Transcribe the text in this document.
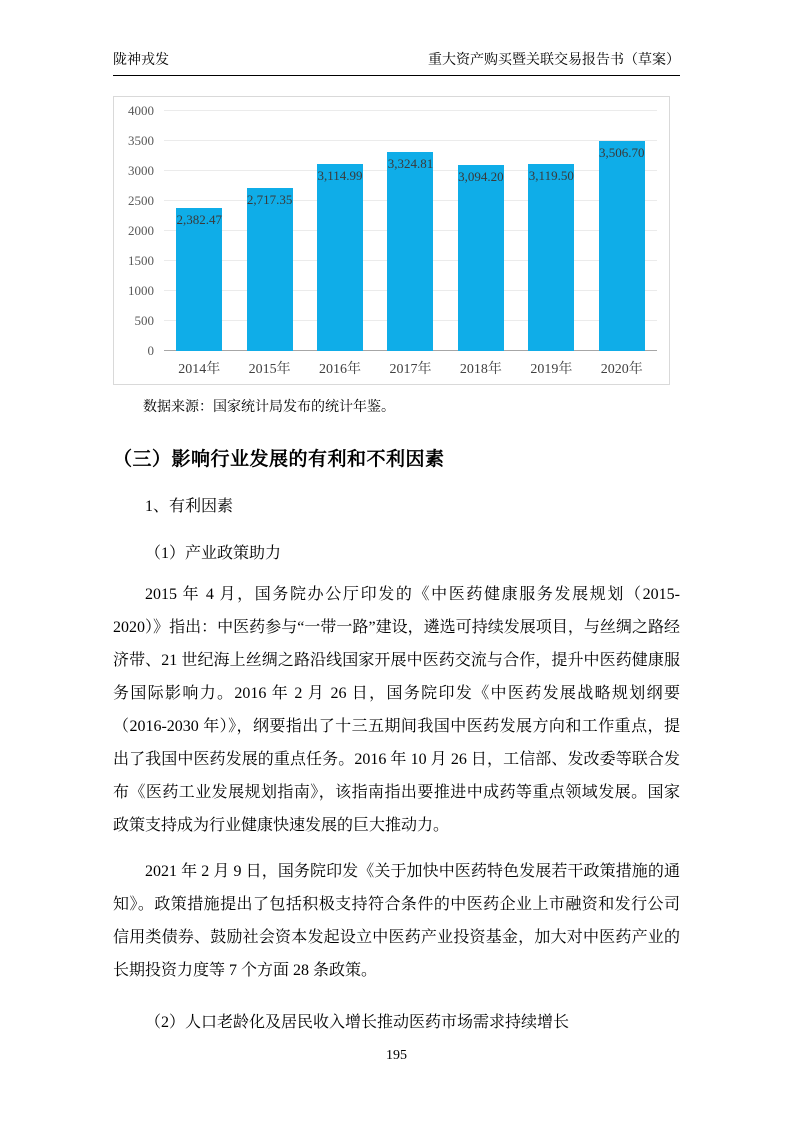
陇神戎发	重大资产购买暨关联交易报告书（草案）
0
500
1000
1500
2000
2500
3000
3500
4000
2,382.47
2,717.35
3,114.99
3,324.81
3,094.20 3,119.50
3,506.70
2014年	2015年	2016年	2017年	2018年	2019年	2020年

数据来源：国家统计局发布的统计年鉴。

（三）影响行业发展的有利和不利因素

1、有利因素

（1）产业政策助力

2015 年 4 月，国务院办公厅印发的《中医药健康服务发展规划（2015-2020）》指出：中医药参与“一带一路”建设，遴选可持续发展项目，与丝绸之路经济带、21 世纪海上丝绸之路沿线国家开展中医药交流与合作，提升中医药健康服务国际影响力。2016 年 2 月 26 日，国务院印发《中医药发展战略规划纲要（2016-2030 年）》，纲要指出了十三五期间我国中医药发展方向和工作重点，提出了我国中医药发展的重点任务。2016 年 10 月 26 日，工信部、发改委等联合发布《医药工业发展规划指南》，该指南指出要推进中成药等重点领域发展。国家政策支持成为行业健康快速发展的巨大推动力。

2021 年 2 月 9 日，国务院印发《关于加快中医药特色发展若干政策措施的通知》。政策措施提出了包括积极支持符合条件的中医药企业上市融资和发行公司信用类债券、鼓励社会资本发起设立中医药产业投资基金，加大对中医药产业的长期投资力度等 7 个方面 28 条政策。

（2）人口老龄化及居民收入增长推动医药市场需求持续增长

195
